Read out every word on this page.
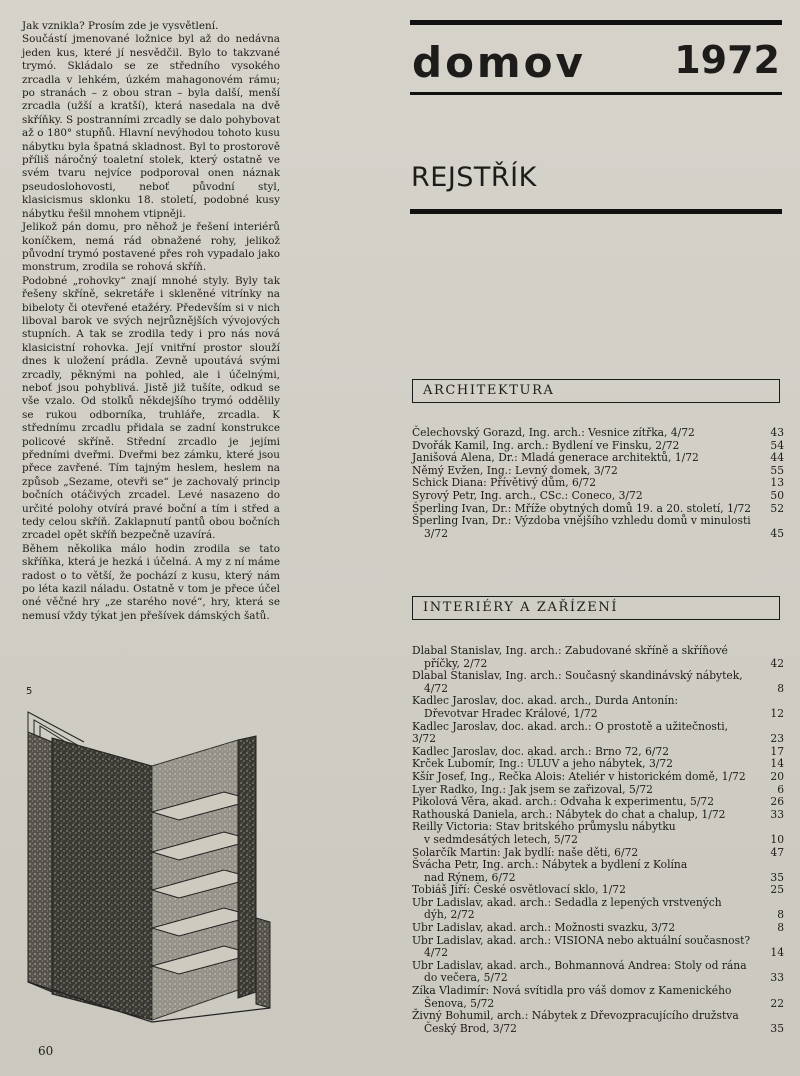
Jak vznikla? Prosím zde je vysvětlení.

Součástí jmenované ložnice byl až do nedávna jeden kus, které jí nesvědčil. Bylo to takzvané trymó. Skládalo se ze středního vysokého zrcadla v lehkém, úzkém mahagonovém rámu; po stranách – z obou stran – byla další, menší zrcadla (užší a kratší), která nasedala na dvě skříňky. S postranními zrcadly se dalo pohybovat až o 180° stupňů. Hlavní nevýhodou tohoto kusu nábytku byla špatná skladnost. Byl to prostorově příliš náročný toaletní stolek, který ostatně ve svém tvaru nejvíce podporoval onen náznak pseudoslohovosti, neboť původní styl, klasicismus sklonku 18. století, podobné kusy nábytku řešil mnohem vtipněji.

Jelikož pán domu, pro něhož je řešení interiérů koníčkem, nemá rád obnažené rohy, jelikož původní trymó postavené přes roh vypadalo jako monstrum, zrodila se rohová skříň.

Podobné „rohovky“ znají mnohé styly. Byly tak řešeny skříně, sekretáře i skleněné vitrínky na bibeloty či otevřené etažéry. Především si v nich liboval barok ve svých nejrůznějších vývojových stupních. A tak se zrodila tedy i pro nás nová klasicistní rohovka. Její vnitřní prostor slouží dnes k uložení prádla. Zevně upoutává svými zrcadly, pěknými na pohled, ale i účelnými, neboť jsou pohyblivá. Jistě již tušíte, odkud se vše vzalo. Od stolků někdejšího trymó oddělily se rukou odborníka, truhláře, zrcadla. K střednímu zrcadlu přidala se zadní konstrukce policové skříně. Střední zrcadlo je jejími předními dveřmi. Dveřmi bez zámku, které jsou přece zavřené. Tím tajným heslem, heslem na způsob „Sezame, otevři se“ je zachovalý princip bočních otáčivých zrcadel. Levé nasazeno do určité polohy otvírá pravé boční a tím i střed a tedy celou skříň. Zaklapnutí pantů obou bočních zrcadel opět skříň bezpečně uzavírá.

Během několika málo hodin zrodila se tato skříňka, která je hezká i účelná. A my z ní máme radost o to větší, že pochází z kusu, který nám po léta kazil náladu. Ostatně v tom je přece účel oné věčné hry „ze starého nové“, hry, která se nemusí vždy týkat jen přešívek dámských šatů.

5
60
domov 1972
REJSTŘÍK
ARCHITEKTURA
Čelechovský Gorazd, Ing. arch.: Vesnice zítřka, 4/72	43
Dvořák Kamil, Ing. arch.: Bydlení ve Finsku, 2/72	54
Janišová Alena, Dr.: Mladá generace architektů, 1/72	44
Němý Evžen, Ing.: Levný domek, 3/72	55
Schick Diana: Přívětivý dům, 6/72	13
Syrový Petr, Ing. arch., CSc.: Coneco, 3/72	50
Šperling Ivan, Dr.: Mříže obytných domů 19. a 20. století, 1/72 52
Šperling Ivan, Dr.: Výzdoba vnějšího vzhledu domů v minulosti
3/72	45
INTERIÉRY A ZAŘÍZENÍ
Dlabal Stanislav, Ing. arch.: Zabudované skříně a skříňové
příčky, 2/72	42
Dlabal Stanislav, Ing. arch.: Současný skandinávský nábytek,
4/72	8
Kadlec Jaroslav, doc. akad. arch., Durda Antonín:
Dřevotvar Hradec Králové, 1/72	12
Kadlec Jaroslav, doc. akad. arch.: O prostotě a užitečnosti, 3/72	23
Kadlec Jaroslav, doc. akad. arch.: Brno 72, 6/72	17
Krček Lubomír, Ing.: ÚLUV a jeho nábytek, 3/72	14
Kšír Josef, Ing., Rečka Alois: Ateliér v historickém domě, 1/72	20
Lyer Radko, Ing.: Jak jsem se zařizoval, 5/72	6
Pikolová Věra, akad. arch.: Odvaha k experimentu, 5/72	26
Rathouská Daniela, arch.: Nábytek do chat a chalup, 1/72	33
Reilly Victoria: Stav britského průmyslu nábytku
v sedmdesátých letech, 5/72	10
Solarčík Martin: Jak bydlí: naše děti, 6/72	47
Švácha Petr, Ing. arch.: Nábytek a bydlení z Kolína
nad Rýnem, 6/72	35
Tobiáš Jiří: České osvětlovací sklo, 1/72	25
Ubr Ladislav, akad. arch.: Sedadla z lepených vrstvených
dýh, 2/72	8
Ubr Ladislav, akad. arch.: Možnosti svazku, 3/72	8
Ubr Ladislav, akad. arch.: VISIONA nebo aktuální současnost?
4/72	14
Ubr Ladislav, akad. arch., Bohmannová Andrea: Stoly od rána
do večera, 5/72	33
Zíka Vladimír: Nová svítidla pro váš domov z Kamenického
Šenova, 5/72	22
Živný Bohumil, arch.: Nábytek z Dřevozpracujícího družstva
Český Brod, 3/72	35
